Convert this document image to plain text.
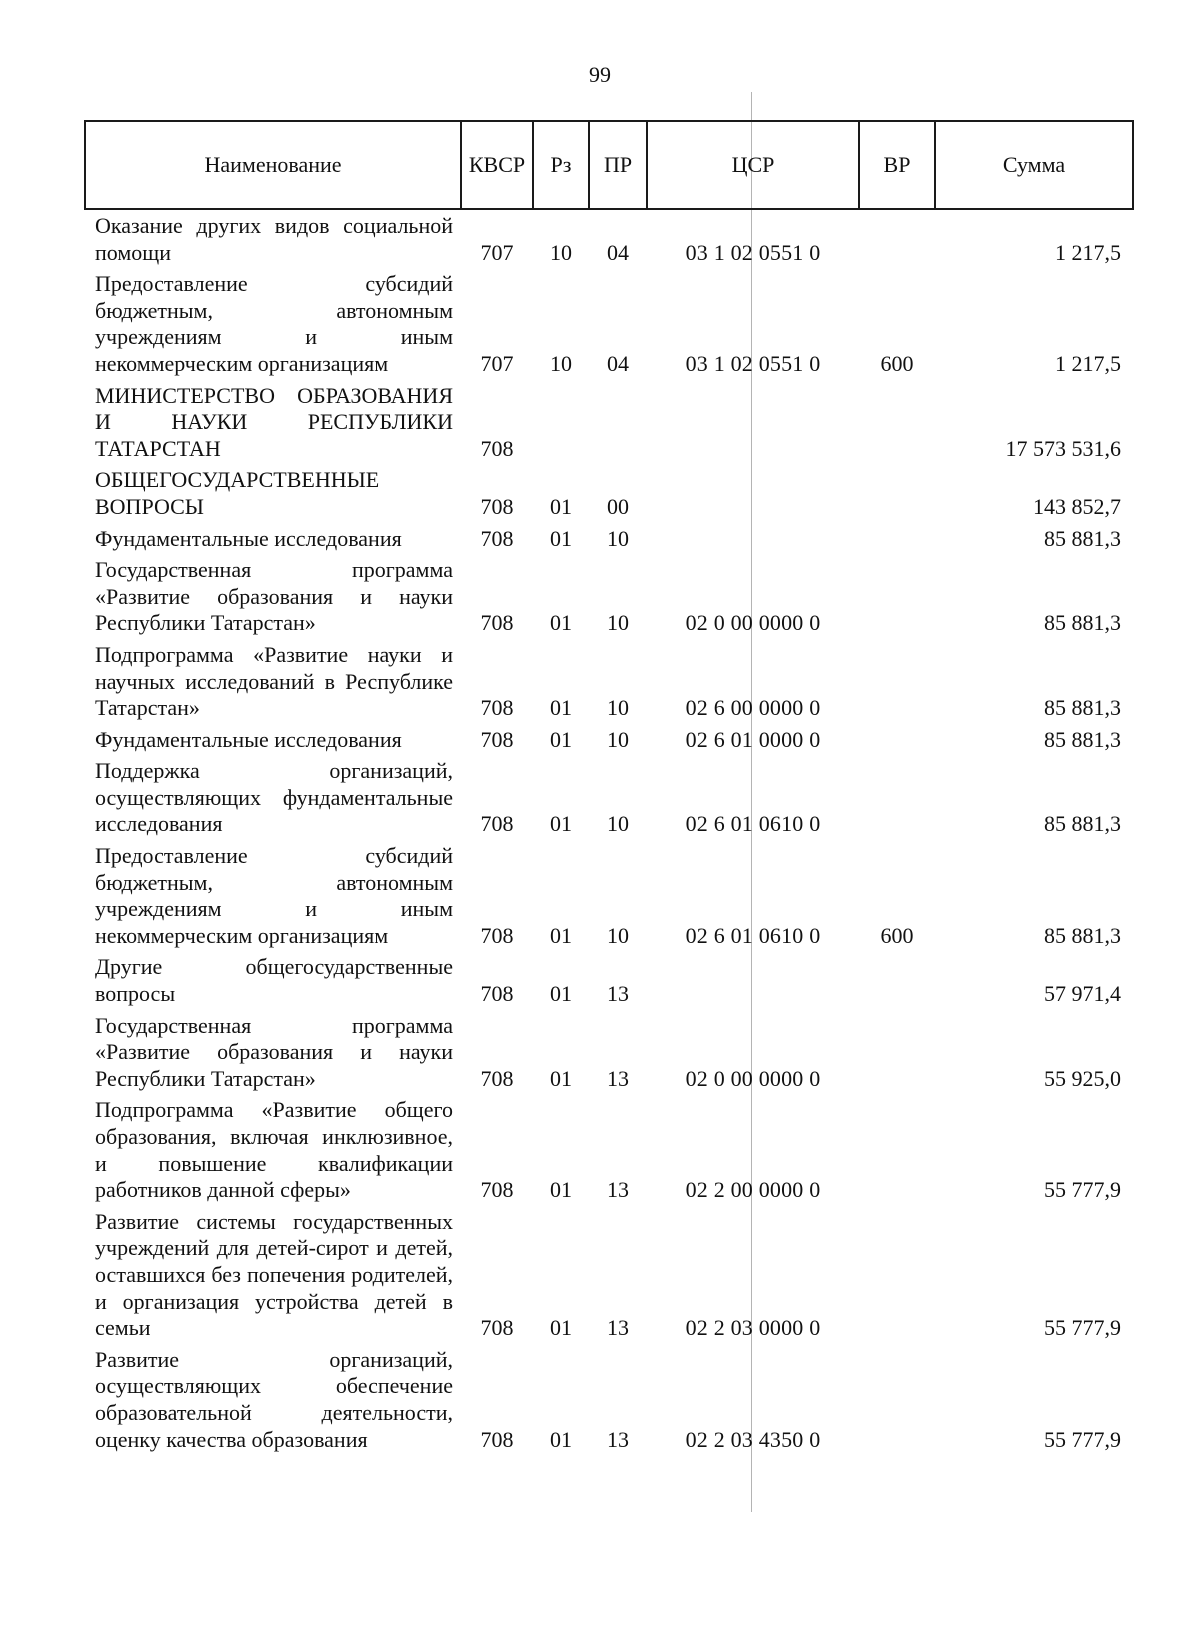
99
Наименование	КВСР	Рз	ПР	ЦСР	ВР	Сумма
Оказание других видов социальной помощи	707	10	04	03 1 02 0551 0		1 217,5
Предоставление субсидий бюджетным, автономным учреждениям и иным некоммерческим организациям	707	10	04	03 1 02 0551 0	600	1 217,5
МИНИСТЕРСТВО ОБРАЗОВАНИЯ И НАУКИ РЕСПУБЛИКИ ТАТАРСТАН	708					17 573 531,6
ОБЩЕГОСУДАРСТВЕННЫЕ ВОПРОСЫ	708	01	00			143 852,7
Фундаментальные исследования	708	01	10			85 881,3
Государственная программа «Развитие образования и науки Республики Татарстан»	708	01	10	02 0 00 0000 0		85 881,3
Подпрограмма «Развитие науки и научных исследований в Республике Татарстан»	708	01	10	02 6 00 0000 0		85 881,3
Фундаментальные исследования	708	01	10	02 6 01 0000 0		85 881,3
Поддержка организаций, осуществляющих фундаментальные исследования	708	01	10	02 6 01 0610 0		85 881,3
Предоставление субсидий бюджетным, автономным учреждениям и иным некоммерческим организациям	708	01	10	02 6 01 0610 0	600	85 881,3
Другие общегосударственные вопросы	708	01	13			57 971,4
Государственная программа «Развитие образования и науки Республики Татарстан»	708	01	13	02 0 00 0000 0		55 925,0
Подпрограмма «Развитие общего образования, включая инклюзивное, и повышение квалификации работников данной сферы»	708	01	13	02 2 00 0000 0		55 777,9
Развитие системы государственных учреждений для детей-сирот и детей, оставшихся без попечения родителей, и организация устройства детей в семьи	708	01	13	02 2 03 0000 0		55 777,9
Развитие организаций, осуществляющих обеспечение образовательной деятельности, оценку качества образования	708	01	13	02 2 03 4350 0		55 777,9
